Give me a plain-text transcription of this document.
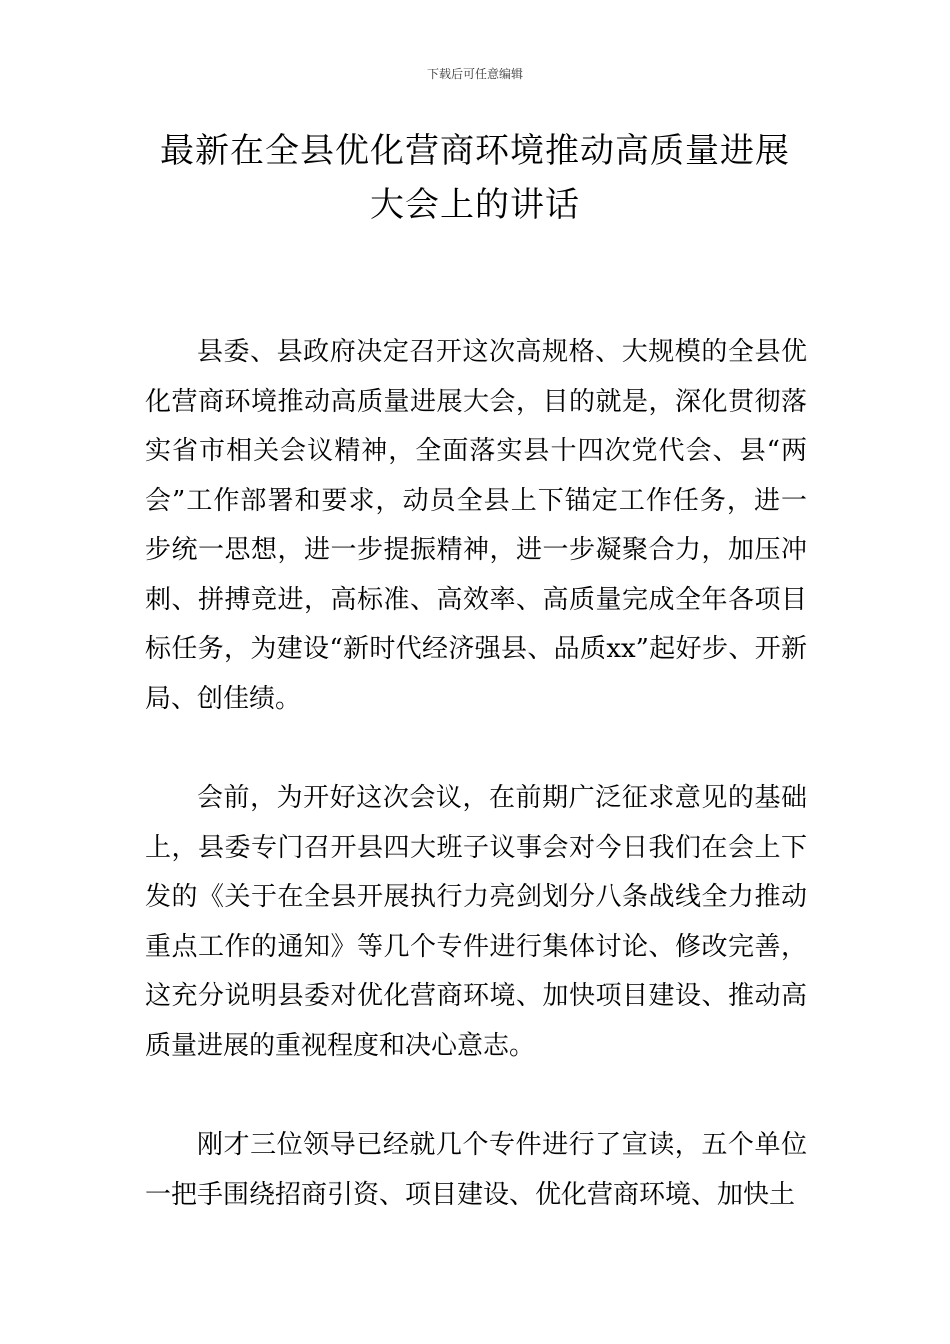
下载后可任意编辑
最新在全县优化营商环境推动高质量进展
大会上的讲话

县委、县政府决定召开这次高规格、大规模的全县优化营商环境推动高质量进展大会，目的就是，深化贯彻落实省市相关会议精神，全面落实县十四次党代会、县“两会”工作部署和要求，动员全县上下锚定工作任务，进一步统一思想，进一步提振精神，进一步凝聚合力，加压冲刺、拼搏竞进，高标准、高效率、高质量完成全年各项目标任务，为建设“新时代经济强县、品质xx”起好步、开新局、创佳绩。

会前，为开好这次会议，在前期广泛征求意见的基础上，县委专门召开县四大班子议事会对今日我们在会上下发的《关于在全县开展执行力亮剑划分八条战线全力推动重点工作的通知》等几个专件进行集体讨论、修改完善，这充分说明县委对优化营商环境、加快项目建设、推动高质量进展的重视程度和决心意志。

刚才三位领导已经就几个专件进行了宣读，五个单位一把手围绕招商引资、项目建设、优化营商环境、加快土
